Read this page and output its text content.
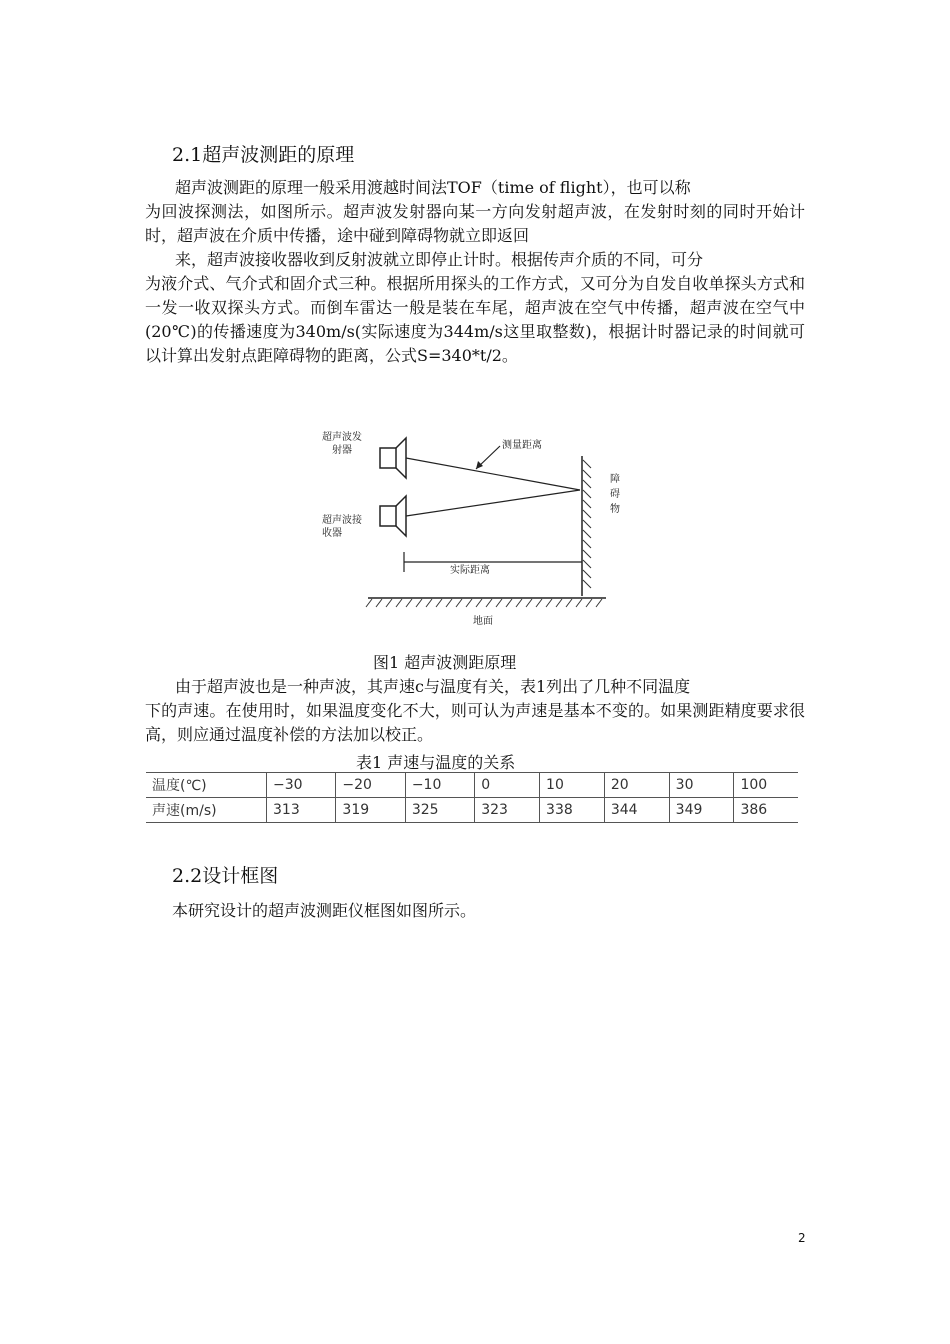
2.1超声波测距的原理
超声波测距的原理一般采用渡越时间法TOF（time of flight），也可以称
为回波探测法，如图所示。超声波发射器向某一方向发射超声波，在发射时刻的同时开始计时，超声波在介质中传播，途中碰到障碍物就立即返回
来，超声波接收器收到反射波就立即停止计时。根据传声介质的不同，可分
为液介式、气介式和固介式三种。根据所用探头的工作方式，又可分为自发自收单探头方式和一发一收双探头方式。而倒车雷达一般是装在车尾，超声波在空气中传播，超声波在空气中(20℃)的传播速度为340m/s(实际速度为344m/s这里取整数)，根据计时器记录的时间就可以计算出发射点距障碍物的距离，公式S=340*t/2。
超声波发
射器
超声波接
收器
测量距离
实际距离
障
碍
物
地面
图1 超声波测距原理
由于超声波也是一种声波，其声速c与温度有关，表1列出了几种不同温度
下的声速。在使用时，如果温度变化不大，则可认为声速是基本不变的。如果测距精度要求很高，则应通过温度补偿的方法加以校正。
表1 声速与温度的关系
温度(℃)	−30	−20	−10	0	10	20	30	100
声速(m/s)	313	319	325	323	338	344	349	386
2.2设计框图
本研究设计的超声波测距仪框图如图所示。
2
